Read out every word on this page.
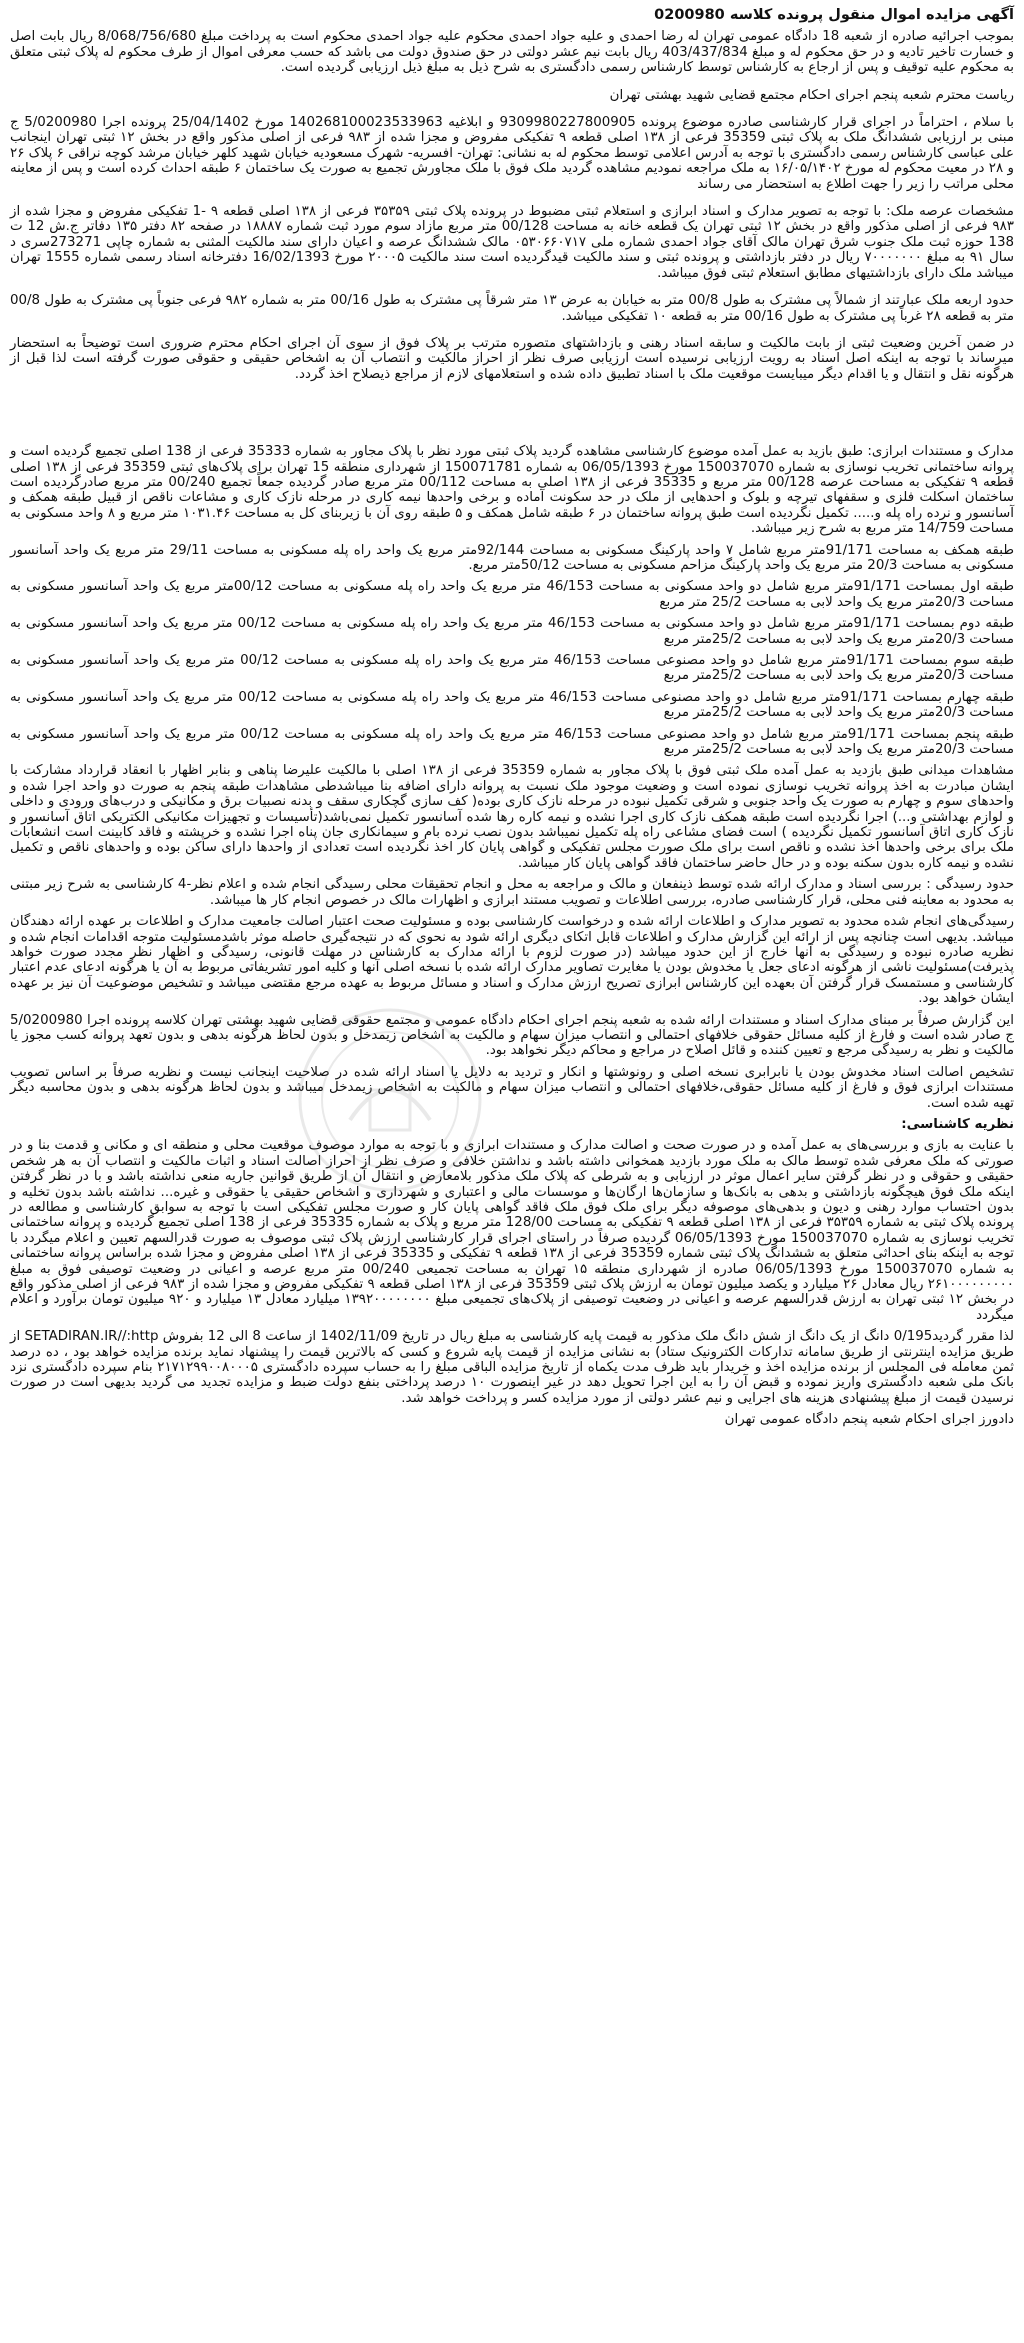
آگهی مزایده اموال منقول پرونده کلاسه 0200980

بموجب اجرائیه صادره از شعبه 18 دادگاه عمومی تهران له رضا احمدی و علیه جواد احمدی محکوم علیه جواد احمدی محکوم است به پرداخت مبلغ 8/068/756/680 ریال بابت اصل و خسارت تاخیر تادیه و در حق محکوم له و مبلغ 403/437/834 ریال بابت نیم عشر دولتی در حق صندوق دولت می باشد که حسب معرفی اموال از طرف محکوم له پلاک ثبتی متعلق به محکوم علیه توقیف و پس از ارجاع به کارشناس توسط کارشناس رسمی دادگستری به شرح ذیل به مبلغ ذیل ارزیابی گردیده است.

ریاست محترم شعبه پنجم اجرای احکام مجتمع قضایی شهید بهشتی تهران

با سلام ، احتراماً در اجرای قرار کارشناسی صادره موضوع پرونده 9309980227800905 و ابلاغیه 140268100023533963 مورخ 25/04/1402 پرونده اجرا 5/0200980 ج مبنی بر ارزیابی ششدانگ ملک به پلاک ثبتی 35359 فرعی از ۱۳۸ اصلی قطعه ۹ تفکیکی مفروض و مجزا شده از ۹۸۳ فرعی از اصلی مذکور واقع در بخش ۱۲ ثبتی تهران اینجانب علی عباسی کارشناس رسمی دادگستری با توجه به آدرس اعلامی توسط محکوم له به نشانی: تهران- افسریه- شهرک مسعودیه خیابان شهید کلهر خیابان مرشد کوچه نراقی ۶ پلاک ۲۶ و ۲۸ در معیت محکوم له مورخ ۱۶/۰۵/۱۴۰۲ به ملک مراجعه نمودیم مشاهده گردید ملک فوق با ملک مجاورش تجمیع به صورت یک ساختمان ۶ طبقه احداث کرده است و پس از معاینه محلی مراتب را زیر را جهت اطلاع به استحضار می رساند

مشخصات عرصه ملک: با توجه به تصویر مدارک و اسناد ابرازی و استعلام ثبتی مضبوط در پرونده پلاک ثبتی ۳۵۳۵۹ فرعی از ۱۳۸ اصلی قطعه ۹ -1 تفکیکی مفروض و مجزا شده از ۹۸۳ فرعی از اصلی مذکور واقع در بخش ۱۲ ثبتی تهران یک قطعه خانه به مساحت 00/128 متر مربع مازاد سوم مورد ثبت شماره ۱۸۸۸۷ در صفحه ۸۲ دفتر ۱۳۵ دفاتر ج.ش 12 ت 138 حوزه ثبت ملک جنوب شرق تهران مالک آقای جواد احمدی شماره ملی ۰۵۳۰۶۶۰۷۱۷ مالک ششدانگ عرصه و اعیان دارای سند مالکیت المثنی به شماره چاپی 273271سری د سال ۹۱ به مبلغ ۷۰۰۰۰۰۰۰ ریال در دفتر بازداشتی و پرونده ثبتی و سند مالکیت قیدگردیده است سند مالکیت ۲۰۰۰۵ مورخ 16/02/1393 دفترخانه اسناد رسمی شماره 1555 تهران میباشد ملک دارای بازداشتیهای مطابق استعلام ثبتی فوق میباشد.

حدود اربعه ملک عبارتند از شمالاً پی مشترک به طول 00/8 متر به خیابان به عرض ۱۳ متر شرقاً پی مشترک به طول 00/16 متر به شماره ۹۸۲ فرعی جنوباً پی مشترک به طول 00/8 متر به قطعه ۲۸ غرباً پی مشترک به طول 00/16 متر به قطعه ۱۰ تفکیکی میباشد.

در ضمن آخرین وضعیت ثبتی از بابت مالکیت و سابقه اسناد رهنی و بازداشتهای متصوره مترتب بر پلاک فوق از سوی آن اجرای احکام محترم ضروری است توضیحاً به استحضار میرساند با توجه به اینکه اصل اسناد به رویت ارزیابی نرسیده است ارزیابی صرف نظر از احراز مالکیت و انتصاب آن به اشخاص حقیقی و حقوقی صورت گرفته است لذا قبل از هرگونه نقل و انتقال و یا اقدام دیگر میبایست موقعیت ملک با اسناد تطبیق داده شده و استعلامهای لازم از مراجع ذیصلاح اخذ گردد.

مدارک و مستندات ابرازی: طبق بازید به عمل آمده موضوع کارشناسی مشاهده گردید پلاک ثبتی مورد نظر با پلاک مجاور به شماره 35333 فرعی از 138 اصلی تجمیع گردیده است و پروانه ساختمانی تخریب نوسازی به شماره 150037070 مورخ 06/05/1393 به شماره 150071781 از شهرداری منطقه 15 تهران برای پلاک‌های ثبتی 35359 فرعی از ۱۳۸ اصلی قطعه ۹ تفکیکی به مساحت عرصه 00/128 متر مربع و 35335 فرعی از ۱۳۸ اصلی به مساحت 00/112 متر مربع صادر گردیده جمعاً تجمیع 00/240 متر مربع صادرگردیده است ساختمان اسکلت فلزی و سقفهای تیرچه و بلوک و احدهایی از ملک در حد سکونت آماده و برخی واحدها نیمه کاری در مرحله نازک کاری و مشاعات ناقص از قبیل طبقه همکف و آسانسور و نرده راه پله و..... تکمیل نگردیده است طبق پروانه ساختمان در ۶ طبقه شامل همکف و ۵ طبقه روی آن با زیربنای کل به مساحت ۱۰۳۱.۴۶ متر مربع و ۸ واحد مسکونی به مساحت 14/759 متر مربع به شرح زیر میباشد.

طبقه همکف به مساحت 91/171متر مربع شامل ۷ واحد پارکینگ مسکونی به مساحت 92/144متر مربع یک واحد راه پله مسکونی به مساحت 29/11 متر مربع یک واحد آسانسور مسکونی به مساحت 20/3 متر مربع یک واحد پارکینگ مزاحم مسکونی به مساحت 50/12متر مربع.

طبقه اول بمساحت 91/171متر مربع شامل دو واحد مسکونی به مساحت 46/153 متر مربع یک واحد راه پله مسکونی به مساحت 00/12متر مربع یک واحد آسانسور مسکونی به مساحت 20/3متر مربع یک واحد لابی به مساحت 25/2 متر مربع

طبقه دوم بمساحت 91/171متر مربع شامل دو واحد مسکونی به مساحت 46/153 متر مربع یک واحد راه پله مسکونی به مساحت 00/12 متر مربع یک واحد آسانسور مسکونی به مساحت 20/3متر مربع یک واحد لابی به مساحت 25/2متر مربع

طبقه سوم بمساحت 91/171متر مربع شامل دو واحد مصنوعی مساحت 46/153 متر مربع یک واحد راه پله مسکونی به مساحت 00/12 متر مربع یک واحد آسانسور مسکونی به مساحت 20/3متر مربع یک واحد لابی به مساحت 25/2متر مربع

طبقه چهارم بمساحت 91/171متر مربع شامل دو واحد مصنوعی مساحت 46/153 متر مربع یک واحد راه پله مسکونی به مساحت 00/12 متر مربع یک واحد آسانسور مسکونی به مساحت 20/3متر مربع یک واحد لابی به مساحت 25/2متر مربع

طبقه پنجم بمساحت 91/171متر مربع شامل دو واحد مصنوعی مساحت 46/153 متر مربع یک واحد راه پله مسکونی به مساحت 00/12 متر مربع یک واحد آسانسور مسکونی به مساحت 20/3متر مربع یک واحد لابی به مساحت 25/2متر مربع

مشاهدات میدانی طبق بازدید به عمل آمده ملک ثبتی فوق با پلاک مجاور به شماره 35359 فرعی از ۱۳۸ اصلی با مالکیت علیرضا پناهی و بنابر اظهار با انعقاد قرارداد مشارکت با ایشان مبادرت به اخذ پروانه تخریب نوسازی نموده است و وضعیت موجود ملک نسبت به پروانه دارای اضافه بنا میباشدطی مشاهدات طبقه پنجم به صورت دو واحد اجرا شده و واحدهای سوم و چهارم به صورت یک واحد جنوبی و شرقی تکمیل نبوده در مرحله نازک کاری بوده( کف سازی گچکاری سقف و بدنه نصبیات برق و مکانیکی و درب‌های ورودی و داخلی و لوازم بهداشتی و...) اجرا نگردیده است طبقه همکف نازک کاری اجرا نشده و نیمه کاره رها شده آسانسور تکمیل نمی‌باشد(تأسیسات و تجهیزات مکانیکی الکتریکی اتاق آسانسور و نازک کاری اتاق آسانسور تکمیل نگردیده ) است فضای مشاعی راه پله تکمیل نمیباشد بدون نصب نرده بام و سیمانکاری جان پناه اجرا نشده و خرپشته و فاقد کابینت است انشعابات ملک برای برخی واحدها اخذ نشده و ناقص است برای ملک صورت مجلس تفکیکی و گواهی پایان کار اخذ نگردیده است تعدادی از واحدها دارای ساکن بوده و واحدهای ناقص و تکمیل نشده و نیمه کاره بدون سکنه بوده و در حال حاضر ساختمان فاقد گواهی پایان کار میباشد.

حدود رسیدگی : بررسی اسناد و مدارک ارائه شده توسط ذینفعان و مالک و مراجعه به محل و انجام تحقیقات محلی رسیدگی انجام شده و اعلام نظر-4 کارشناسی به شرح زیر مبتنی به محدود به معاینه فنی محلی، قرار کارشناسی صادره، بررسی اطلاعات و تصویب مستند ابرازی و اظهارات مالک در خصوص انجام کار ها میباشد.

رسیدگی‌های انجام شده محدود به تصویر مدارک و اطلاعات ارائه شده و درخواست کارشناسی بوده و مسئولیت صحت اعتبار اصالت جامعیت مدارک و اطلاعات بر عهده ارائه دهندگان میباشد. بدیهی است چنانچه پس از ارائه این گزارش مدارک و اطلاعات قابل اتکای دیگری ارائه شود به نحوی که در نتیجه‌گیری حاصله موثر باشدمسئولیت متوجه اقدامات انجام شده و نظریه صادره نبوده و رسیدگی به آنها خارج از این حدود میباشد (در صورت لزوم با ارائه مدارک به کارشناس در مهلت قانونی، رسیدگی و اظهار نظر مجدد صورت خواهد پذیرفت)مسئولیت ناشی از هرگونه ادعای جعل یا مخدوش بودن یا مغایرت تصاویر مدارک ارائه شده با نسخه اصلی آنها و کلیه امور تشریفاتی مربوط به آن یا هرگونه ادعای عدم اعتبار کارشناسی و مستمسک قرار گرفتن آن بعهده این کارشناس ابرازی تصریح ارزش مدارک و اسناد و مسائل مربوط به عهده مرجع مقتضی میباشد و تشخیص موضوعیت آن نیز بر عهده ایشان خواهد بود.

این گزارش صرفاً بر مبنای مدارک اسناد و مستندات ارائه شده به شعبه پنجم اجرای احکام دادگاه عمومی و مجتمع حقوقی قضایی شهید بهشتی تهران کلاسه پرونده اجرا 5/0200980 ج صادر شده است و فارغ از کلیه مسائل حقوقی خلافهای احتمالی و انتصاب میزان سهام و مالکیت به اشخاص زیمدخل و بدون لحاظ هرگونه بدهی و بدون تعهد پروانه کسب مجوز یا مالکیت و نظر به رسیدگی مرجع و تعیین کننده و قائل اصلاح در مراجع و محاکم دیگر نخواهد بود.

تشخیص اصالت اسناد مخدوش بودن یا نابرابری نسخه اصلی و رونوشتها و انکار و تردید به دلایل یا اسناد ارائه شده در صلاحیت اینجانب نیست و نظریه صرفاً بر اساس تصویب مستندات ابرازی فوق و فارغ از کلیه مسائل حقوقی،خلافهای احتمالی و انتصاب میزان سهام و مالکیت به اشخاص زیمدخل میباشد و بدون لحاظ هرگونه بدهی و بدون محاسبه دیگر تهیه شده است.

نظریه کاشناسی:

با عنایت به بازی و بررسی‌های به عمل آمده و در صورت صحت و اصالت مدارک و مستندات ابرازی و با توجه به موارد موصوف موقعیت محلی و منطقه ای و مکانی و قدمت بنا و در صورتی که ملک معرفی شده توسط مالک به ملک مورد بازدید همخوانی داشته باشد و نداشتن خلافی و صرف نظر از احراز اصالت اسناد و اثبات مالکیت و انتصاب آن به هر شخص حقیقی و حقوقی و در نظر گرفتن سایر اعمال موثر در ارزیابی و به شرطی که پلاک ملک مذکور بلامعارض و انتقال آن از طریق قوانین جاریه منعی نداشته باشد و با در نظر گرفتن اینکه ملک فوق هیچگونه بازداشتی و بدهی به بانک‌ها و سازمان‌ها ارگان‌ها و موسسات مالی و اعتباری و شهرداری و اشخاص حقیقی یا حقوقی و غیره... نداشته باشد بدون تخلیه و بدون احتساب موارد رهنی و دیون و بدهی‌های موصوفه دیگر برای ملک فوق ملک فاقد گواهی پایان کار و صورت مجلس تفکیکی است با توجه به سوابق کارشناسی و مطالعه در پرونده پلاک ثبتی به شماره ۳۵۳۵۹ فرعی از ۱۳۸ اصلی قطعه ۹ تفکیکی به مساحت 128/00 متر مربع و پلاک به شماره 35335 فرعی از 138 اصلی تجمیع گردیده و پروانه ساختمانی تخریب نوسازی به شماره 150037070 مورخ 06/05/1393 گردیده صرفاً در راستای اجرای قرار کارشناسی ارزش پلاک ثبتی موصوف به صورت قدرالسهم تعیین و اعلام میگردد با توجه به اینکه بنای احداثی متعلق به ششدانگ پلاک ثبتی شماره 35359 فرعی از ۱۳۸ قطعه ۹ تفکیکی و 35335 فرعی از ۱۳۸ اصلی مفروض و مجزا شده براساس پروانه ساختمانی به شماره 150037070 مورخ 06/05/1393 صادره از شهرداری منطقه ۱۵ تهران به مساحت تجمیعی 00/240 متر مربع عرصه و اعیانی در وضعیت توصیفی فوق به مبلغ ۲۶۱۰۰۰۰۰۰۰۰۰ ریال معادل ۲۶ میلیارد و یکصد میلیون تومان به ارزش پلاک ثبتی 35359 فرعی از ۱۳۸ اصلی قطعه ۹ تفکیکی مفروض و مجزا شده از ۹۸۳ فرعی از اصلی مذکور واقع در بخش ۱۲ ثبتی تهران به ارزش قدرالسهم عرصه و اعیانی در وضعیت توصیفی از پلاک‌های تجمیعی مبلغ ۱۳۹۲۰۰۰۰۰۰۰۰ میلیارد معادل ۱۳ میلیارد و ۹۲۰ میلیون تومان برآورد و اعلام میگردد

لذا مقرر گردید0/195 دانگ از یک دانگ از شش دانگ ملک مذکور به قیمت پایه کارشناسی به مبلغ ریال در تاریخ 1402/11/09 از ساعت 8 الی 12 بفروش SETADIRAN.IR//:http از طریق مزایده اینترنتی از طریق سامانه تدارکات الکترونیک ستاد) به نشانی مزایده از قیمت پایه شروع و کسی که بالاترین قیمت را پیشنهاد نماید برنده مزایده خواهد بود ، ده درصد ثمن معامله فی المجلس از برنده مزایده اخذ و خریدار باید ظرف مدت یکماه از تاریخ مزایده الباقی مبلغ را به حساب سپرده دادگستری ۲۱۷۱۲۹۹۰۰۸۰۰۰۵ بنام سپرده دادگستری نزد بانک ملی شعبه دادگستری واریز نموده و قبض آن را به این اجرا تحویل دهد در غیر اینصورت ۱۰ درصد پرداختی بنفع دولت ضبط و مزایده تجدید می گردید بدیهی است در صورت نرسیدن قیمت از مبلغ پیشنهادی هزینه های اجرایی و نیم عشر دولتی از مورد مزایده کسر و پرداخت خواهد شد.

دادورز اجرای احکام شعبه پنجم دادگاه عمومی تهران
